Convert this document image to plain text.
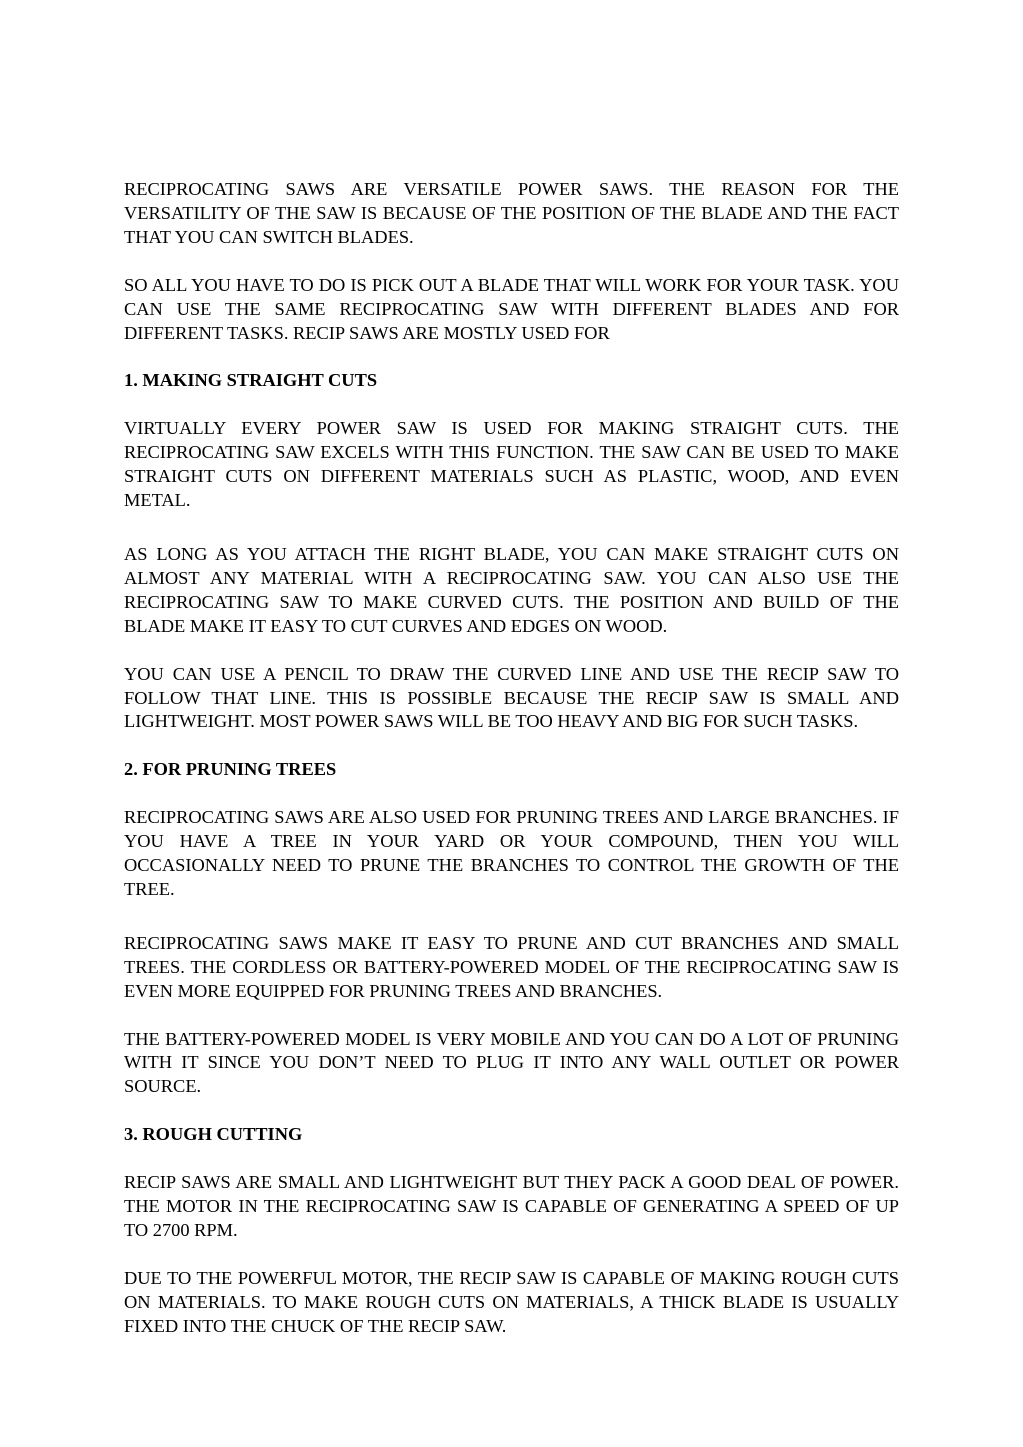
RECIPROCATING SAWS ARE VERSATILE POWER SAWS. THE REASON FOR THE VERSATILITY OF THE SAW IS BECAUSE OF THE POSITION OF THE BLADE AND THE FACT THAT YOU CAN SWITCH BLADES.

SO ALL YOU HAVE TO DO IS PICK OUT A BLADE THAT WILL WORK FOR YOUR TASK. YOU CAN USE THE SAME RECIPROCATING SAW WITH DIFFERENT BLADES AND FOR DIFFERENT TASKS. RECIP SAWS ARE MOSTLY USED FOR

1. MAKING STRAIGHT CUTS

VIRTUALLY EVERY POWER SAW IS USED FOR MAKING STRAIGHT CUTS. THE RECIPROCATING SAW EXCELS WITH THIS FUNCTION. THE SAW CAN BE USED TO MAKE STRAIGHT CUTS ON DIFFERENT MATERIALS SUCH AS PLASTIC, WOOD, AND EVEN METAL.

AS LONG AS YOU ATTACH THE RIGHT BLADE, YOU CAN MAKE STRAIGHT CUTS ON ALMOST ANY MATERIAL WITH A RECIPROCATING SAW. YOU CAN ALSO USE THE RECIPROCATING SAW TO MAKE CURVED CUTS. THE POSITION AND BUILD OF THE BLADE MAKE IT EASY TO CUT CURVES AND EDGES ON WOOD.

YOU CAN USE A PENCIL TO DRAW THE CURVED LINE AND USE THE RECIP SAW TO FOLLOW THAT LINE. THIS IS POSSIBLE BECAUSE THE RECIP SAW IS SMALL AND LIGHTWEIGHT. MOST POWER SAWS WILL BE TOO HEAVY AND BIG FOR SUCH TASKS.

2. FOR PRUNING TREES

RECIPROCATING SAWS ARE ALSO USED FOR PRUNING TREES AND LARGE BRANCHES. IF YOU HAVE A TREE IN YOUR YARD OR YOUR COMPOUND, THEN YOU WILL OCCASIONALLY NEED TO PRUNE THE BRANCHES TO CONTROL THE GROWTH OF THE TREE.

RECIPROCATING SAWS MAKE IT EASY TO PRUNE AND CUT BRANCHES AND SMALL TREES. THE CORDLESS OR BATTERY-POWERED MODEL OF THE RECIPROCATING SAW IS EVEN MORE EQUIPPED FOR PRUNING TREES AND BRANCHES.

THE BATTERY-POWERED MODEL IS VERY MOBILE AND YOU CAN DO A LOT OF PRUNING WITH IT SINCE YOU DON’T NEED TO PLUG IT INTO ANY WALL OUTLET OR POWER SOURCE.

3. ROUGH CUTTING

RECIP SAWS ARE SMALL AND LIGHTWEIGHT BUT THEY PACK A GOOD DEAL OF POWER. THE MOTOR IN THE RECIPROCATING SAW IS CAPABLE OF GENERATING A SPEED OF UP TO 2700 RPM.

DUE TO THE POWERFUL MOTOR, THE RECIP SAW IS CAPABLE OF MAKING ROUGH CUTS ON MATERIALS. TO MAKE ROUGH CUTS ON MATERIALS, A THICK BLADE IS USUALLY FIXED INTO THE CHUCK OF THE RECIP SAW.
